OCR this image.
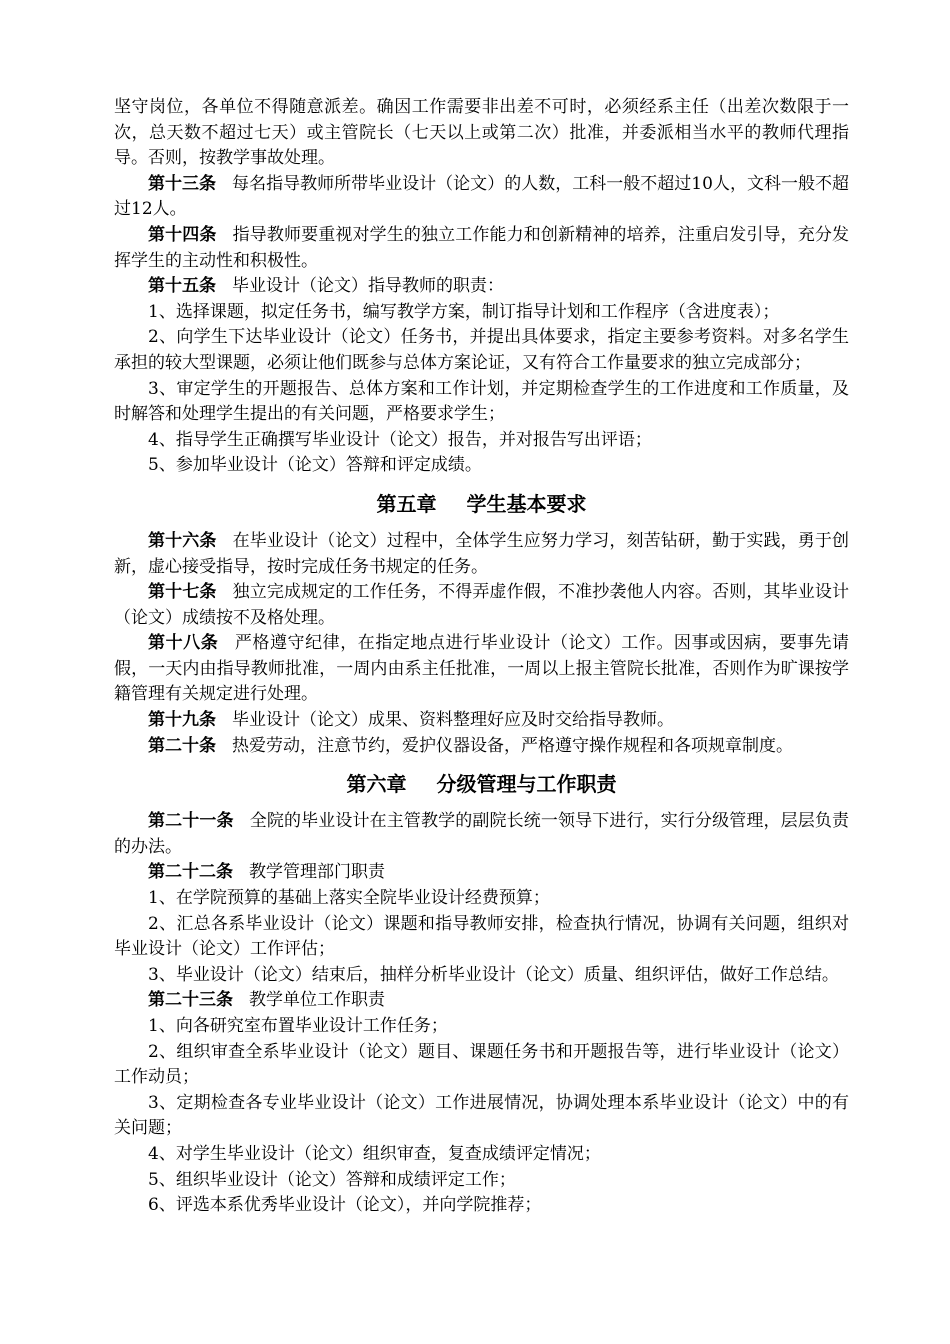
坚守岗位，各单位不得随意派差。确因工作需要非出差不可时，必须经系主任（出差次数限于一次，总天数不超过七天）或主管院长（七天以上或第二次）批准，并委派相当水平的教师代理指导。否则，按教学事故处理。

第十三条 每名指导教师所带毕业设计（论文）的人数，工科一般不超过10人，文科一般不超过12人。

第十四条 指导教师要重视对学生的独立工作能力和创新精神的培养，注重启发引导，充分发挥学生的主动性和积极性。

第十五条 毕业设计（论文）指导教师的职责：

1、选择课题，拟定任务书，编写教学方案，制订指导计划和工作程序（含进度表）；

2、向学生下达毕业设计（论文）任务书，并提出具体要求，指定主要参考资料。对多名学生承担的较大型课题，必须让他们既参与总体方案论证，又有符合工作量要求的独立完成部分；

3、审定学生的开题报告、总体方案和工作计划，并定期检查学生的工作进度和工作质量，及时解答和处理学生提出的有关问题，严格要求学生；

4、指导学生正确撰写毕业设计（论文）报告，并对报告写出评语；

5、参加毕业设计（论文）答辩和评定成绩。

第五章 学生基本要求

第十六条 在毕业设计（论文）过程中，全体学生应努力学习，刻苦钻研，勤于实践，勇于创新，虚心接受指导，按时完成任务书规定的任务。

第十七条 独立完成规定的工作任务，不得弄虚作假，不准抄袭他人内容。否则，其毕业设计（论文）成绩按不及格处理。

第十八条 严格遵守纪律，在指定地点进行毕业设计（论文）工作。因事或因病，要事先请假，一天内由指导教师批准，一周内由系主任批准，一周以上报主管院长批准，否则作为旷课按学籍管理有关规定进行处理。

第十九条 毕业设计（论文）成果、资料整理好应及时交给指导教师。

第二十条 热爱劳动，注意节约，爱护仪器设备，严格遵守操作规程和各项规章制度。

第六章 分级管理与工作职责

第二十一条 全院的毕业设计在主管教学的副院长统一领导下进行，实行分级管理，层层负责的办法。

第二十二条 教学管理部门职责

1、在学院预算的基础上落实全院毕业设计经费预算；

2、汇总各系毕业设计（论文）课题和指导教师安排，检查执行情况，协调有关问题，组织对毕业设计（论文）工作评估；

3、毕业设计（论文）结束后，抽样分析毕业设计（论文）质量、组织评估，做好工作总结。

第二十三条 教学单位工作职责

1、向各研究室布置毕业设计工作任务；

2、组织审查全系毕业设计（论文）题目、课题任务书和开题报告等，进行毕业设计（论文）工作动员；

3、定期检查各专业毕业设计（论文）工作进展情况，协调处理本系毕业设计（论文）中的有关问题；

4、对学生毕业设计（论文）组织审查，复查成绩评定情况；

5、组织毕业设计（论文）答辩和成绩评定工作；

6、评选本系优秀毕业设计（论文），并向学院推荐；
